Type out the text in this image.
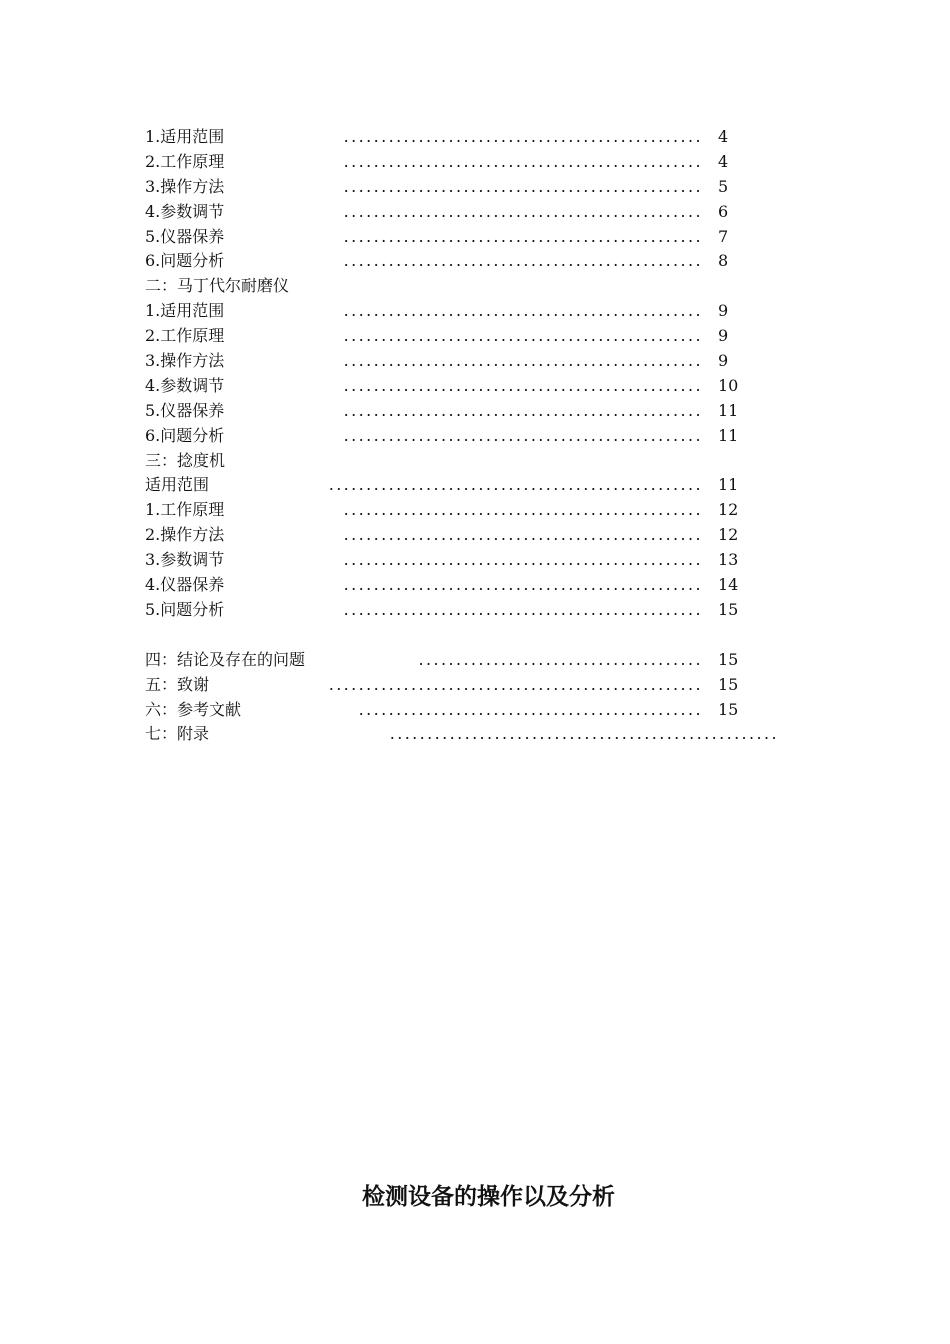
1.适用范围	................................................ 4
2.工作原理	................................................ 4
3.操作方法	................................................ 5
4.参数调节	................................................ 6
5.仪器保养	................................................ 7
6.问题分析	................................................ 8
二：马丁代尔耐磨仪
1.适用范围	................................................ 9
2.工作原理	................................................ 9
3.操作方法	................................................ 9
4.参数调节	................................................ 10
5.仪器保养	................................................ 11
6.问题分析	................................................ 11
三：捻度机
适用范围	.................................................. 11
1.工作原理	................................................ 12
2.操作方法	................................................ 12
3.参数调节	................................................ 13
4.仪器保养	................................................ 14
5.问题分析	................................................ 15
四：结论及存在的问题	...................................... 15
五：致谢	.................................................. 15
六：参考文献	.............................................. 15
七：附录	....................................................
检测设备的操作以及分析
